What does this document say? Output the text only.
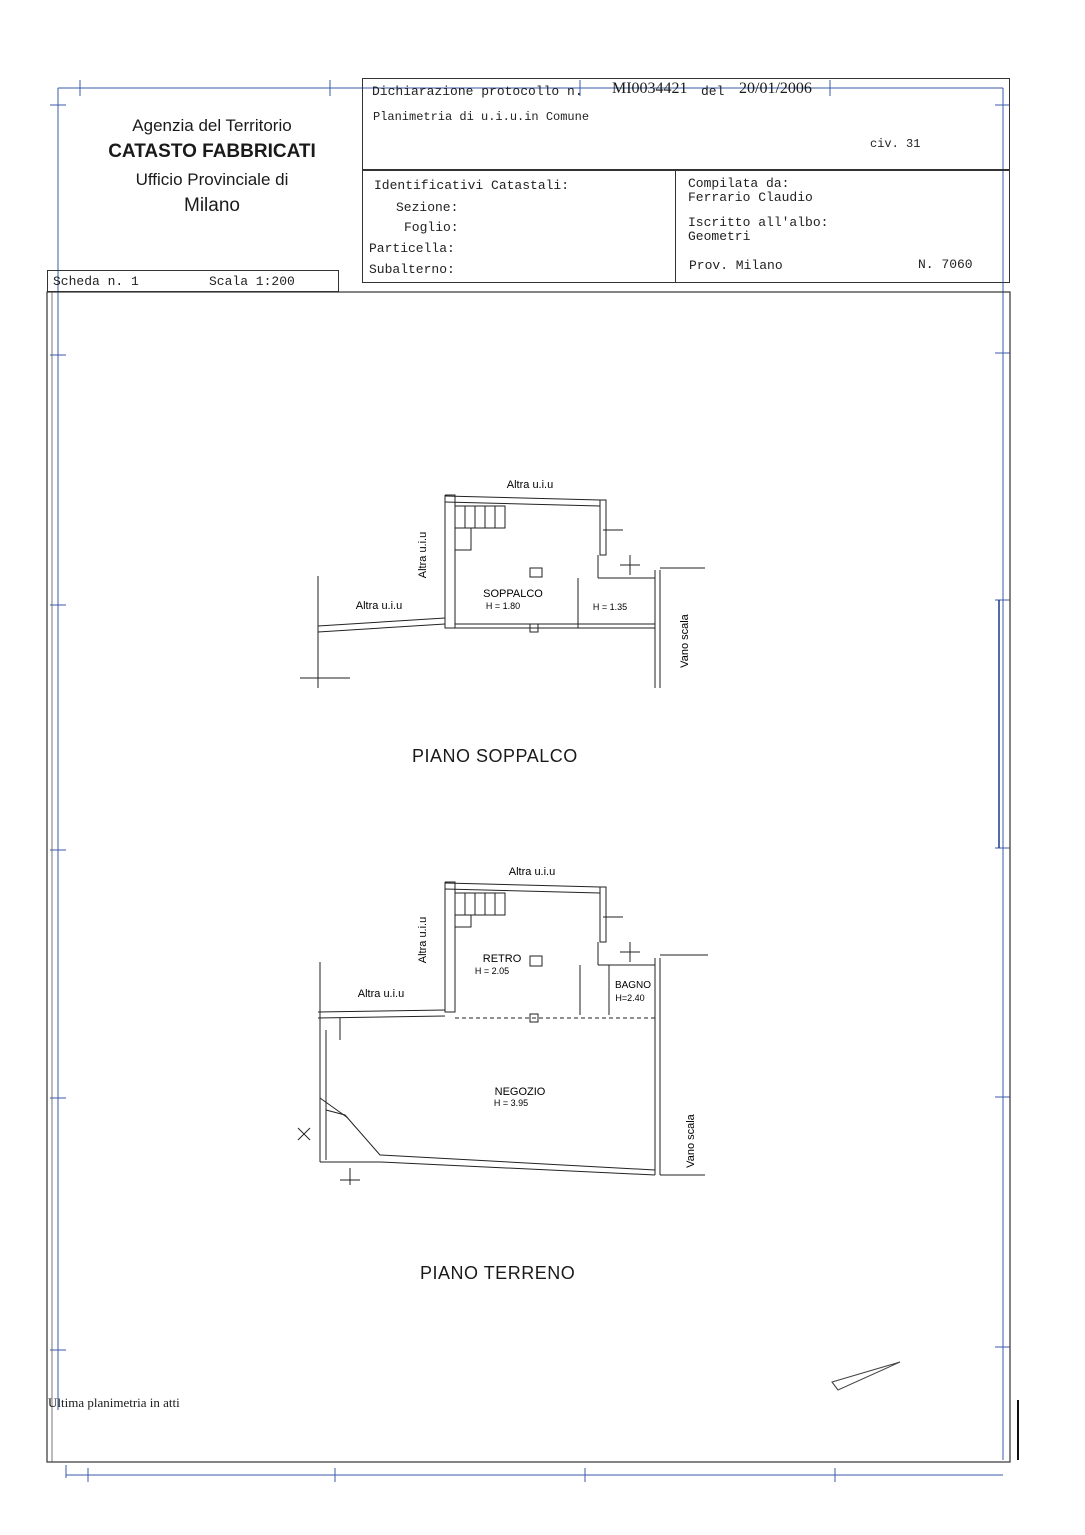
Agenzia del Territorio
CATASTO FABBRICATI
Ufficio Provinciale di
Milano
Scheda n. 1	Scala 1:200
Dichiarazione protocollo n. MI0034421 del 20/01/2006
Planimetria di u.i.u.in Comune
civ. 31
Identificativi Catastali:
Sezione:
Foglio:
Particella:
Subalterno:
Compilata da:
Ferrario Claudio
Iscritto all'albo:
Geometri
Prov. Milano	N. 7060
Altra u.i.u
Altra u.i.u
Altra u.i.u
SOPPALCO
H = 1.80	H = 1.35
Vano scala
PIANO SOPPALCO
Altra u.i.u
Altra u.i.u
Altra u.i.u
RETRO
H = 2.05
BAGNO
H=2.40
NEGOZIO
H = 3.95
Vano scala
PIANO TERRENO
Ultima planimetria in atti
